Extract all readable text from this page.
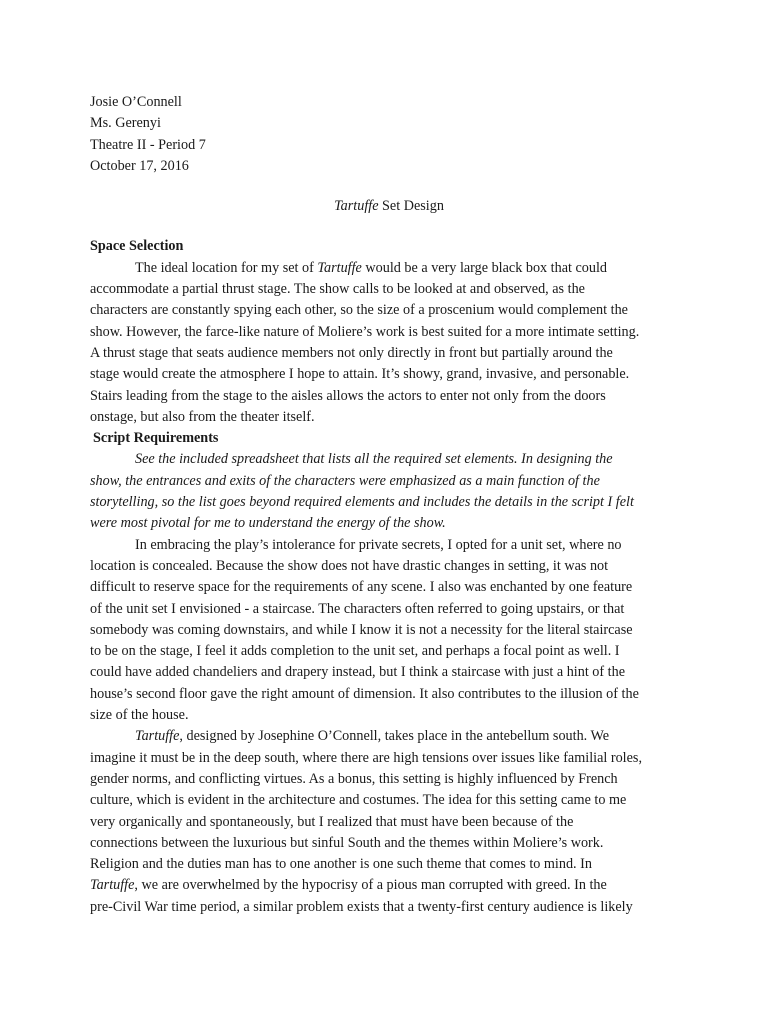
Josie O’Connell
Ms. Gerenyi
Theatre II - Period 7
October 17, 2016
Tartuffe Set Design
Space Selection
The ideal location for my set of Tartuffe would be a very large black box that could
accommodate a partial thrust stage. The show calls to be looked at and observed, as the
characters are constantly spying each other, so the size of a proscenium would complement the
show. However, the farce-like nature of Moliere’s work is best suited for a more intimate setting.
A thrust stage that seats audience members not only directly in front but partially around the
stage would create the atmosphere I hope to attain. It’s showy, grand, invasive, and personable.
Stairs leading from the stage to the aisles allows the actors to enter not only from the doors
onstage, but also from the theater itself.
Script Requirements
See the included spreadsheet that lists all the required set elements. In designing the
show, the entrances and exits of the characters were emphasized as a main function of the
storytelling, so the list goes beyond required elements and includes the details in the script I felt
were most pivotal for me to understand the energy of the show.
In embracing the play’s intolerance for private secrets, I opted for a unit set, where no
location is concealed. Because the show does not have drastic changes in setting, it was not
difficult to reserve space for the requirements of any scene. I also was enchanted by one feature
of the unit set I envisioned - a staircase. The characters often referred to going upstairs, or that
somebody was coming downstairs, and while I know it is not a necessity for the literal staircase
to be on the stage, I feel it adds completion to the unit set, and perhaps a focal point as well. I
could have added chandeliers and drapery instead, but I think a staircase with just a hint of the
house’s second floor gave the right amount of dimension. It also contributes to the illusion of the
size of the house.
Tartuffe, designed by Josephine O’Connell, takes place in the antebellum south. We
imagine it must be in the deep south, where there are high tensions over issues like familial roles,
gender norms, and conflicting virtues. As a bonus, this setting is highly influenced by French
culture, which is evident in the architecture and costumes. The idea for this setting came to me
very organically and spontaneously, but I realized that must have been because of the
connections between the luxurious but sinful South and the themes within Moliere’s work.
Religion and the duties man has to one another is one such theme that comes to mind. In
Tartuffe, we are overwhelmed by the hypocrisy of a pious man corrupted with greed. In the
pre-Civil War time period, a similar problem exists that a twenty-first century audience is likely
